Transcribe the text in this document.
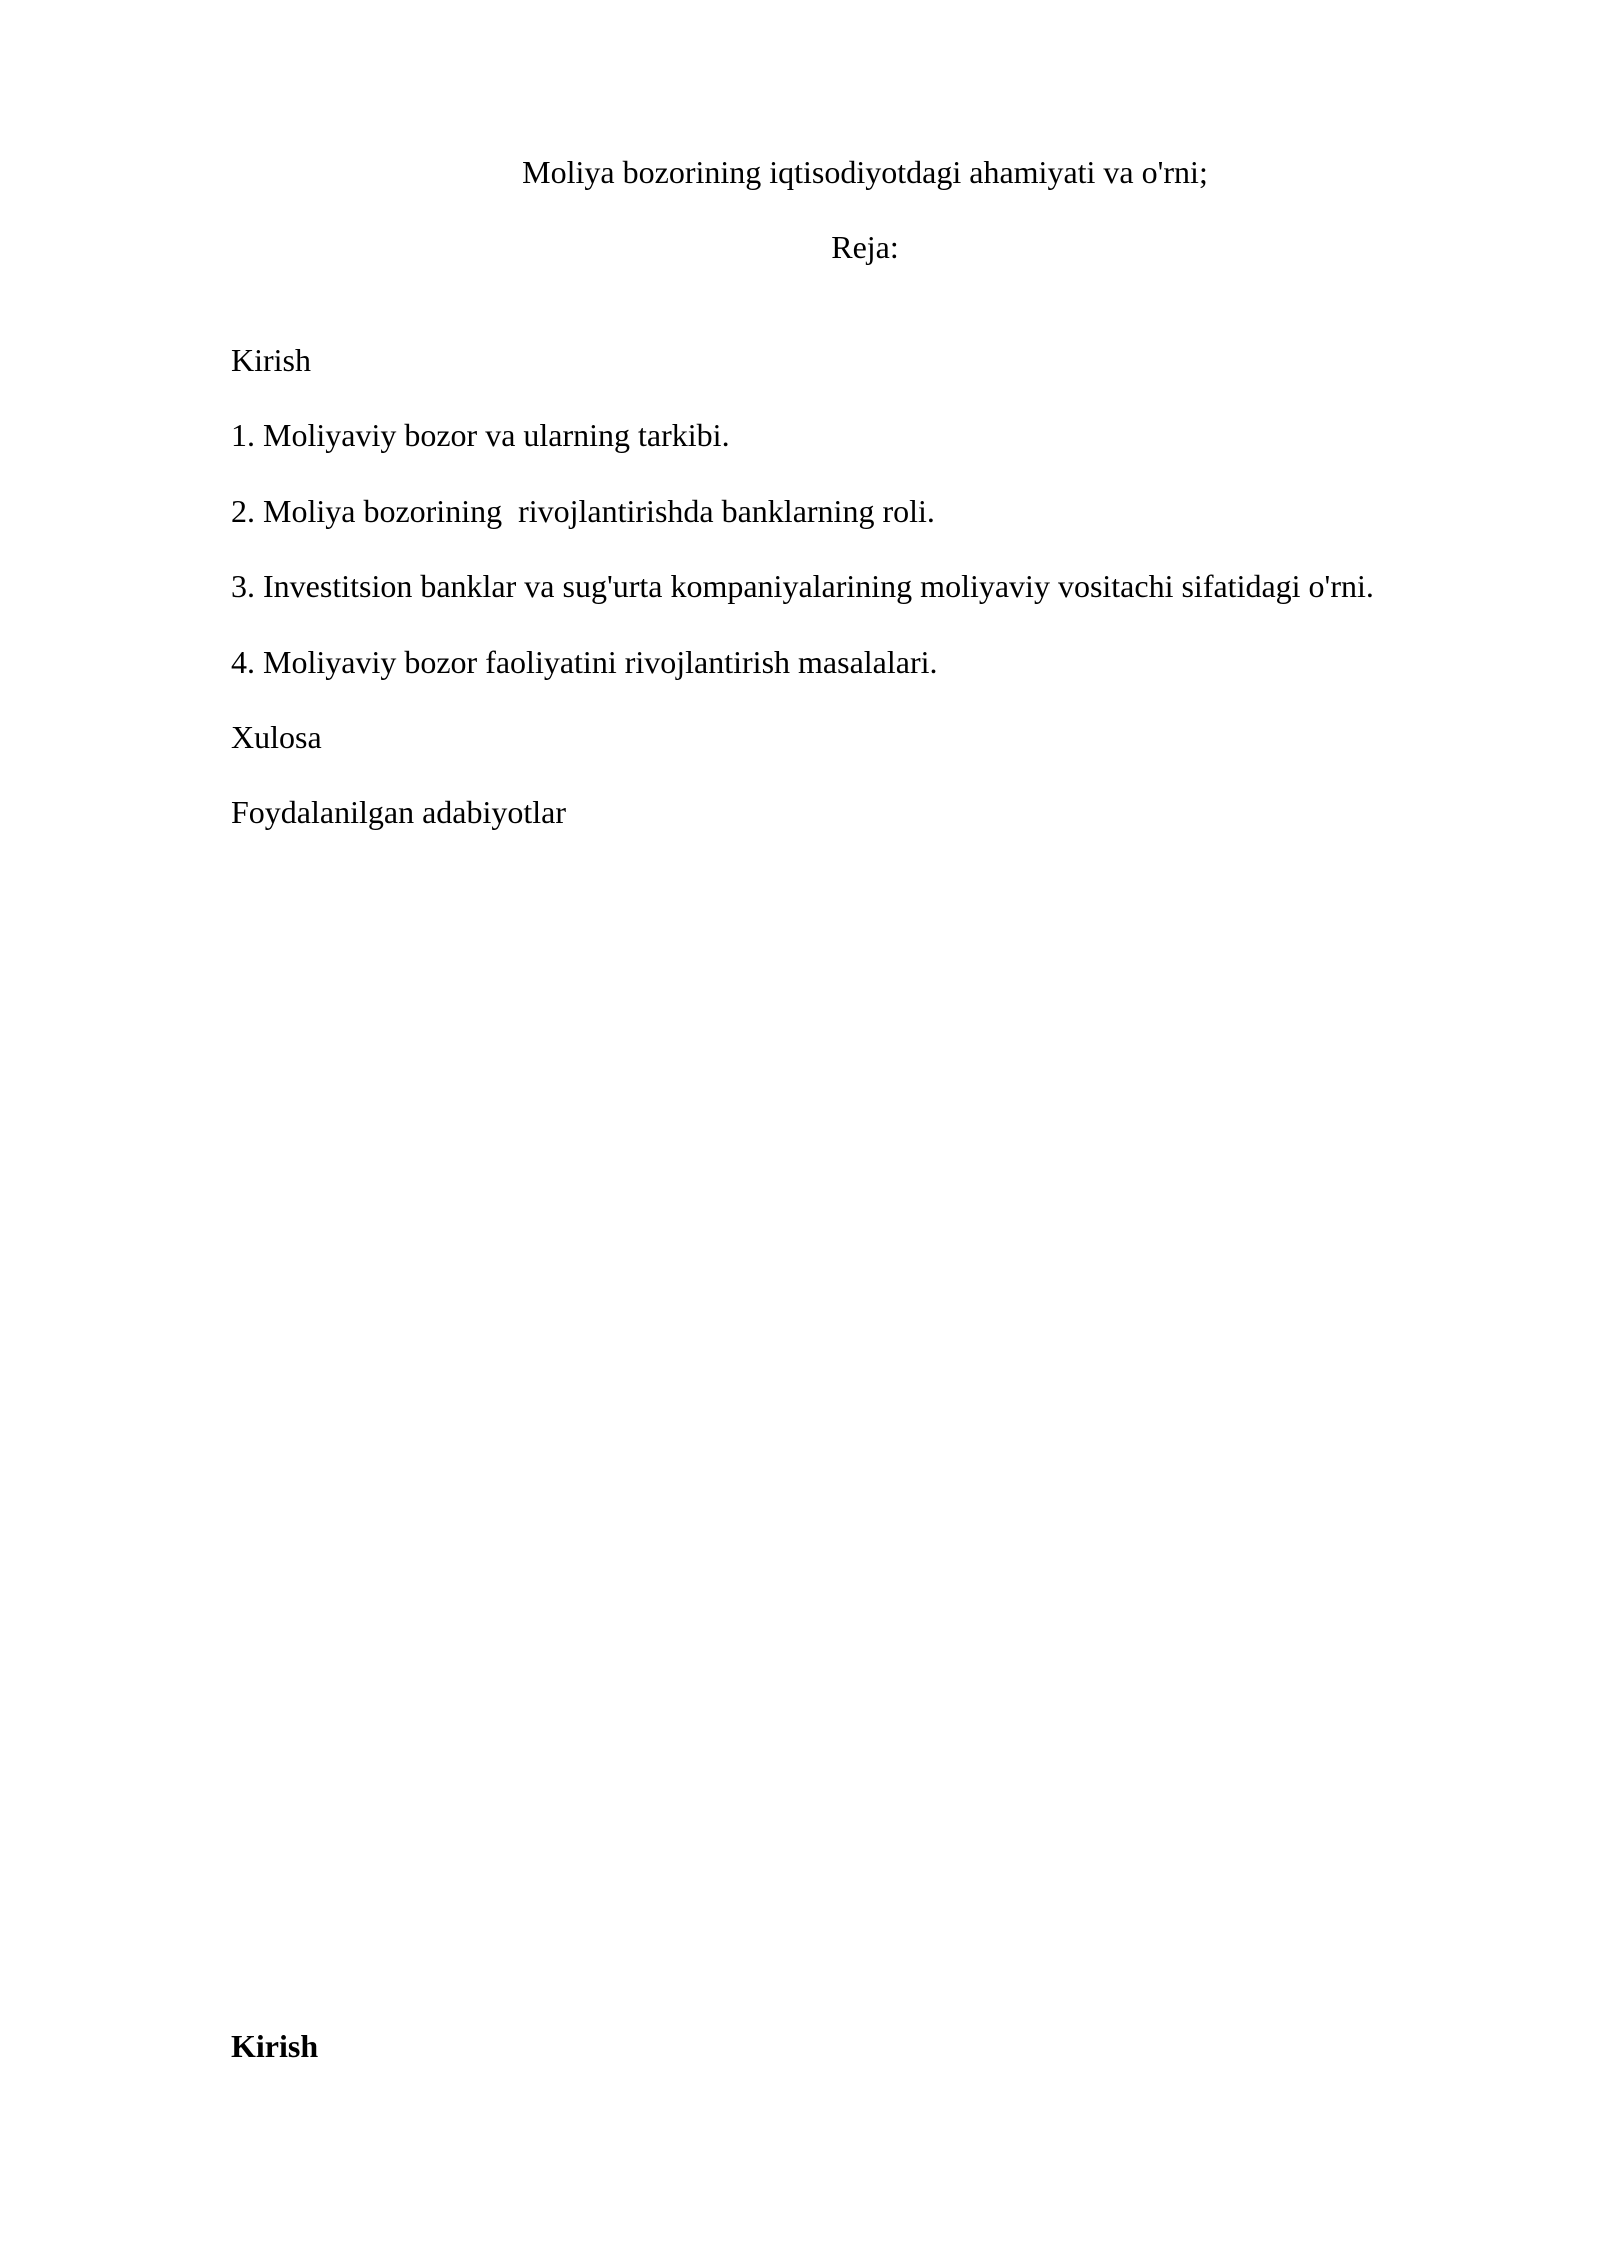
Moliya bozorining iqtisodiyotdagi ahamiyati va o'rni;
Reja:
Kirish
1. Moliyaviy bozor va ularning tarkibi.
2. Moliya bozorining  rivojlantirishda banklarning roli.
3. Investitsion banklar va sug'urta kompaniyalarining moliyaviy vositachi sifatidagi o'rni.
4. Moliyaviy bozor faoliyatini rivojlantirish masalalari.
Xulosa
Foydalanilgan adabiyotlar
Kirish
